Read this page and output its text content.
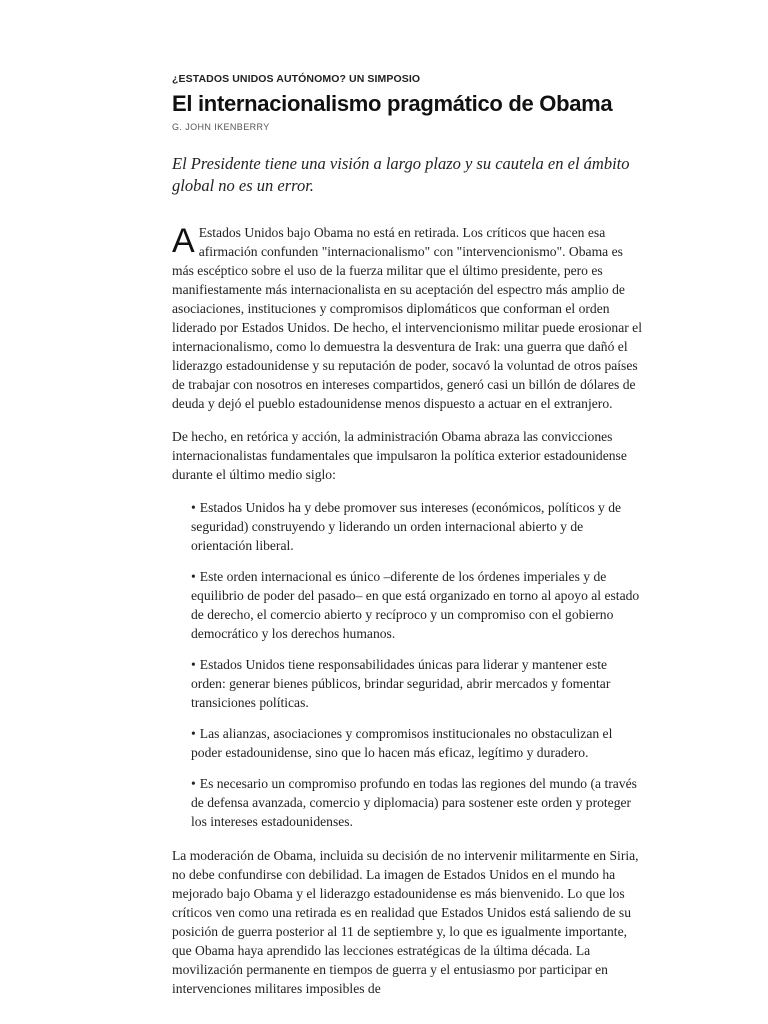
¿ESTADOS UNIDOS AUTÓNOMO? UN SIMPOSIO

El internacionalismo pragmático de Obama

G. JOHN IKENBERRY

El Presidente tiene una visión a largo plazo y su cautela en el ámbito global no es un error.

A Estados Unidos bajo Obama no está en retirada. Los críticos que hacen esa afirmación confunden "internacionalismo" con "intervencionismo". Obama es más escéptico sobre el uso de la fuerza militar que el último presidente, pero es manifiestamente más internacionalista en su aceptación del espectro más amplio de asociaciones, instituciones y compromisos diplomáticos que conforman el orden liderado por Estados Unidos. De hecho, el intervencionismo militar puede erosionar el internacionalismo, como lo demuestra la desventura de Irak: una guerra que dañó el liderazgo estadounidense y su reputación de poder, socavó la voluntad de otros países de trabajar con nosotros en intereses compartidos, generó casi un billón de dólares de deuda y dejó el pueblo estadounidense menos dispuesto a actuar en el extranjero.

De hecho, en retórica y acción, la administración Obama abraza las convicciones internacionalistas fundamentales que impulsaron la política exterior estadounidense durante el último medio siglo:

• Estados Unidos ha y debe promover sus intereses (económicos, políticos y de seguridad) construyendo y liderando un orden internacional abierto y de orientación liberal.
• Este orden internacional es único –diferente de los órdenes imperiales y de equilibrio de poder del pasado– en que está organizado en torno al apoyo al estado de derecho, el comercio abierto y recíproco y un compromiso con el gobierno democrático y los derechos humanos.
• Estados Unidos tiene responsabilidades únicas para liderar y mantener este orden: generar bienes públicos, brindar seguridad, abrir mercados y fomentar transiciones políticas.
• Las alianzas, asociaciones y compromisos institucionales no obstaculizan el poder estadounidense, sino que lo hacen más eficaz, legítimo y duradero.
• Es necesario un compromiso profundo en todas las regiones del mundo (a través de defensa avanzada, comercio y diplomacia) para sostener este orden y proteger los intereses estadounidenses.

La moderación de Obama, incluida su decisión de no intervenir militarmente en Siria, no debe confundirse con debilidad. La imagen de Estados Unidos en el mundo ha mejorado bajo Obama y el liderazgo estadounidense es más bienvenido. Lo que los críticos ven como una retirada es en realidad que Estados Unidos está saliendo de su posición de guerra posterior al 11 de septiembre y, lo que es igualmente importante, que Obama haya aprendido las lecciones estratégicas de la última década. La movilización permanente en tiempos de guerra y el entusiasmo por participar en intervenciones militares imposibles de
